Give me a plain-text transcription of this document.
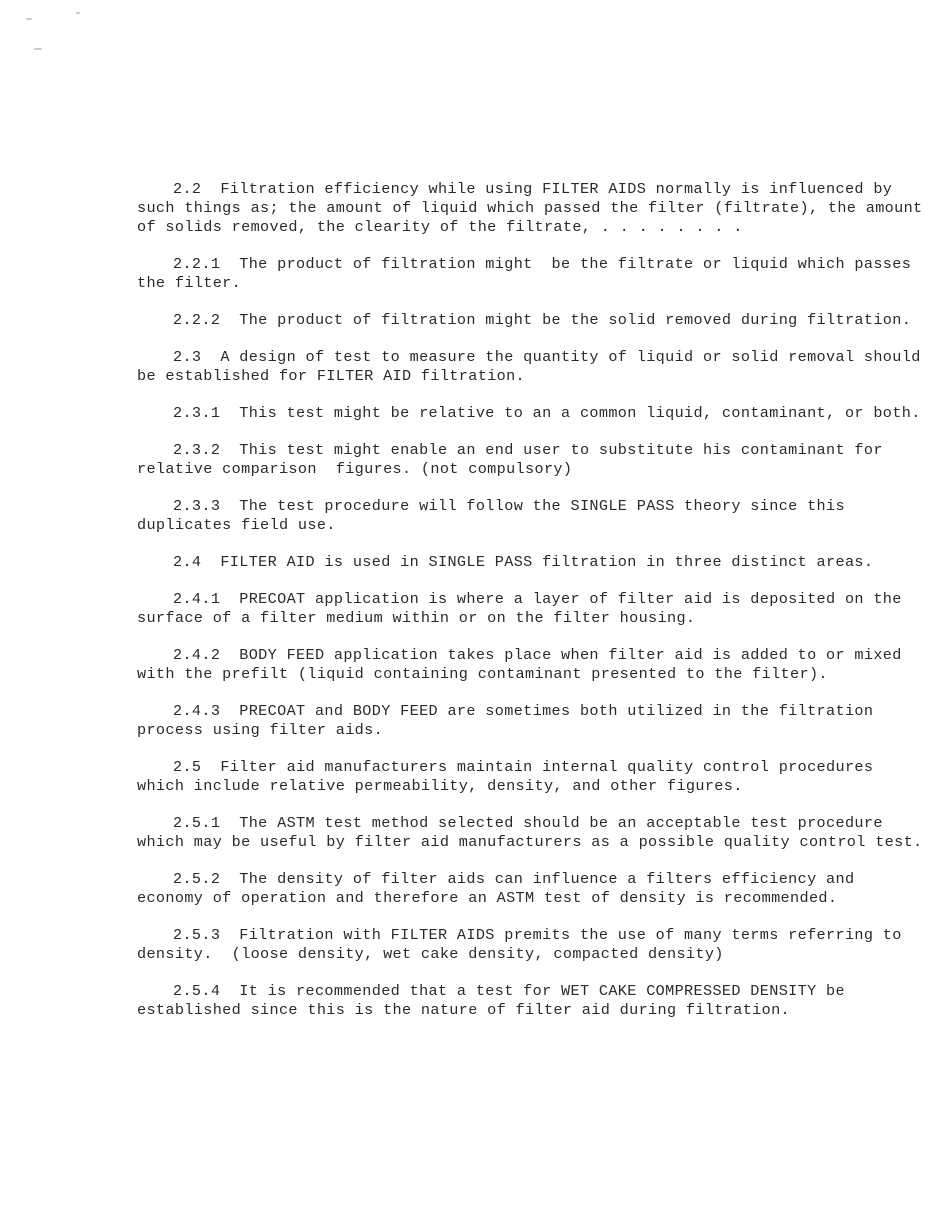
2.2  Filtration efficiency while using FILTER AIDS normally is influenced by such things as; the amount of liquid which passed the filter (filtrate), the amount of solids removed, the clearity of the filtrate, . . . . . . . .

2.2.1  The product of filtration might  be the filtrate or liquid which passes the filter.

2.2.2  The product of filtration might be the solid removed during filtration.

2.3  A design of test to measure the quantity of liquid or solid removal should be established for FILTER AID filtration.

2.3.1  This test might be relative to an a common liquid, contaminant, or both.

2.3.2  This test might enable an end user to substitute his contaminant for relative comparison  figures. (not compulsory)

2.3.3  The test procedure will follow the SINGLE PASS theory since this duplicates field use.

2.4  FILTER AID is used in SINGLE PASS filtration in three distinct areas.

2.4.1  PRECOAT application is where a layer of filter aid is deposited on the surface of a filter medium within or on the filter housing.

2.4.2  BODY FEED application takes place when filter aid is added to or mixed with the prefilt (liquid containing contaminant presented to the filter).

2.4.3  PRECOAT and BODY FEED are sometimes both utilized in the filtration process using filter aids.

2.5  Filter aid manufacturers maintain internal quality control procedures which include relative permeability, density, and other figures.

2.5.1  The ASTM test method selected should be an acceptable test procedure which may be useful by filter aid manufacturers as a possible quality control test.

2.5.2  The density of filter aids can influence a filters efficiency and economy of operation and therefore an ASTM test of density is recommended.

2.5.3  Filtration with FILTER AIDS premits the use of many terms referring to density.  (loose density, wet cake density, compacted density)

2.5.4  It is recommended that a test for WET CAKE COMPRESSED DENSITY be established since this is the nature of filter aid during filtration.
